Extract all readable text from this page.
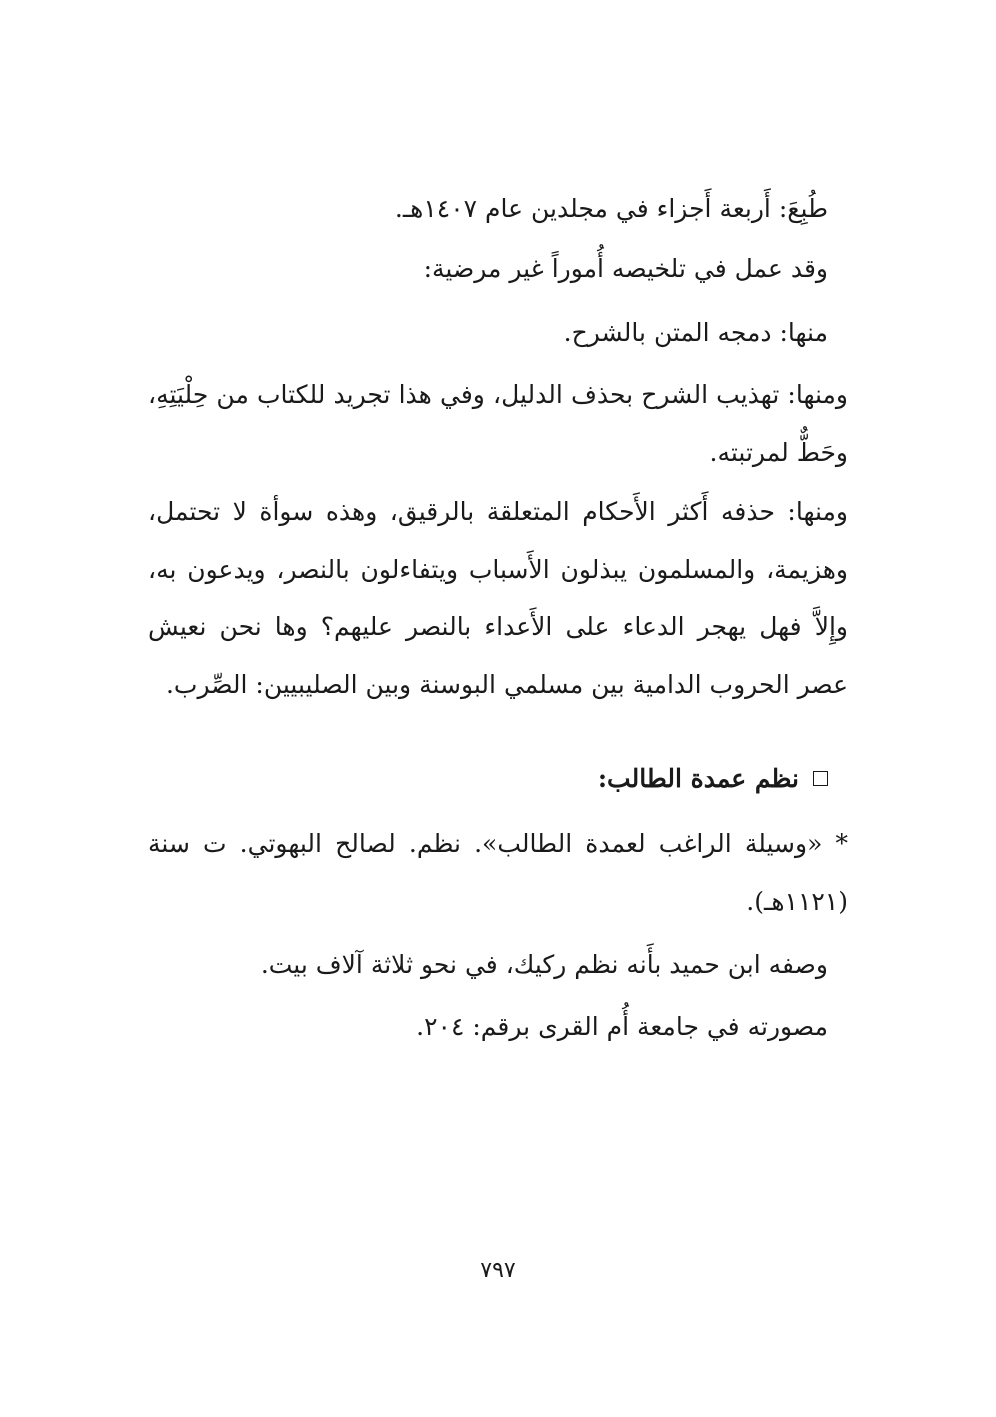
طُبِعَ: أَربعة أَجزاء في مجلدين عام ١٤٠٧هـ.
وقد عمل في تلخيصه أُموراً غير مرضية:
منها: دمجه المتن بالشرح.
ومنها: تهذيب الشرح بحذف الدليل، وفي هذا تجريد للكتاب من حِلْيَتِهِ، وحَطٌّ لمرتبته.
ومنها: حذفه أَكثر الأَحكام المتعلقة بالرقيق، وهذه سوأة لا تحتمل، وهزيمة، والمسلمون يبذلون الأَسباب ويتفاءلون بالنصر، ويدعون به، وإِلاَّ فهل يهجر الدعاء على الأَعداء بالنصر عليهم؟ وها نحن نعيش عصر الحروب الدامية بين مسلمي البوسنة وبين الصليبيين: الصِّرب.
نظم عمدة الطالب:
* «وسيلة الراغب لعمدة الطالب». نظم. لصالح البهوتي. ت سنة (١١٢١هـ).
وصفه ابن حميد بأَنه نظم ركيك، في نحو ثلاثة آلاف بيت.
مصورته في جامعة أُم القرى برقم: ٢٠٤.
٧٩٧
